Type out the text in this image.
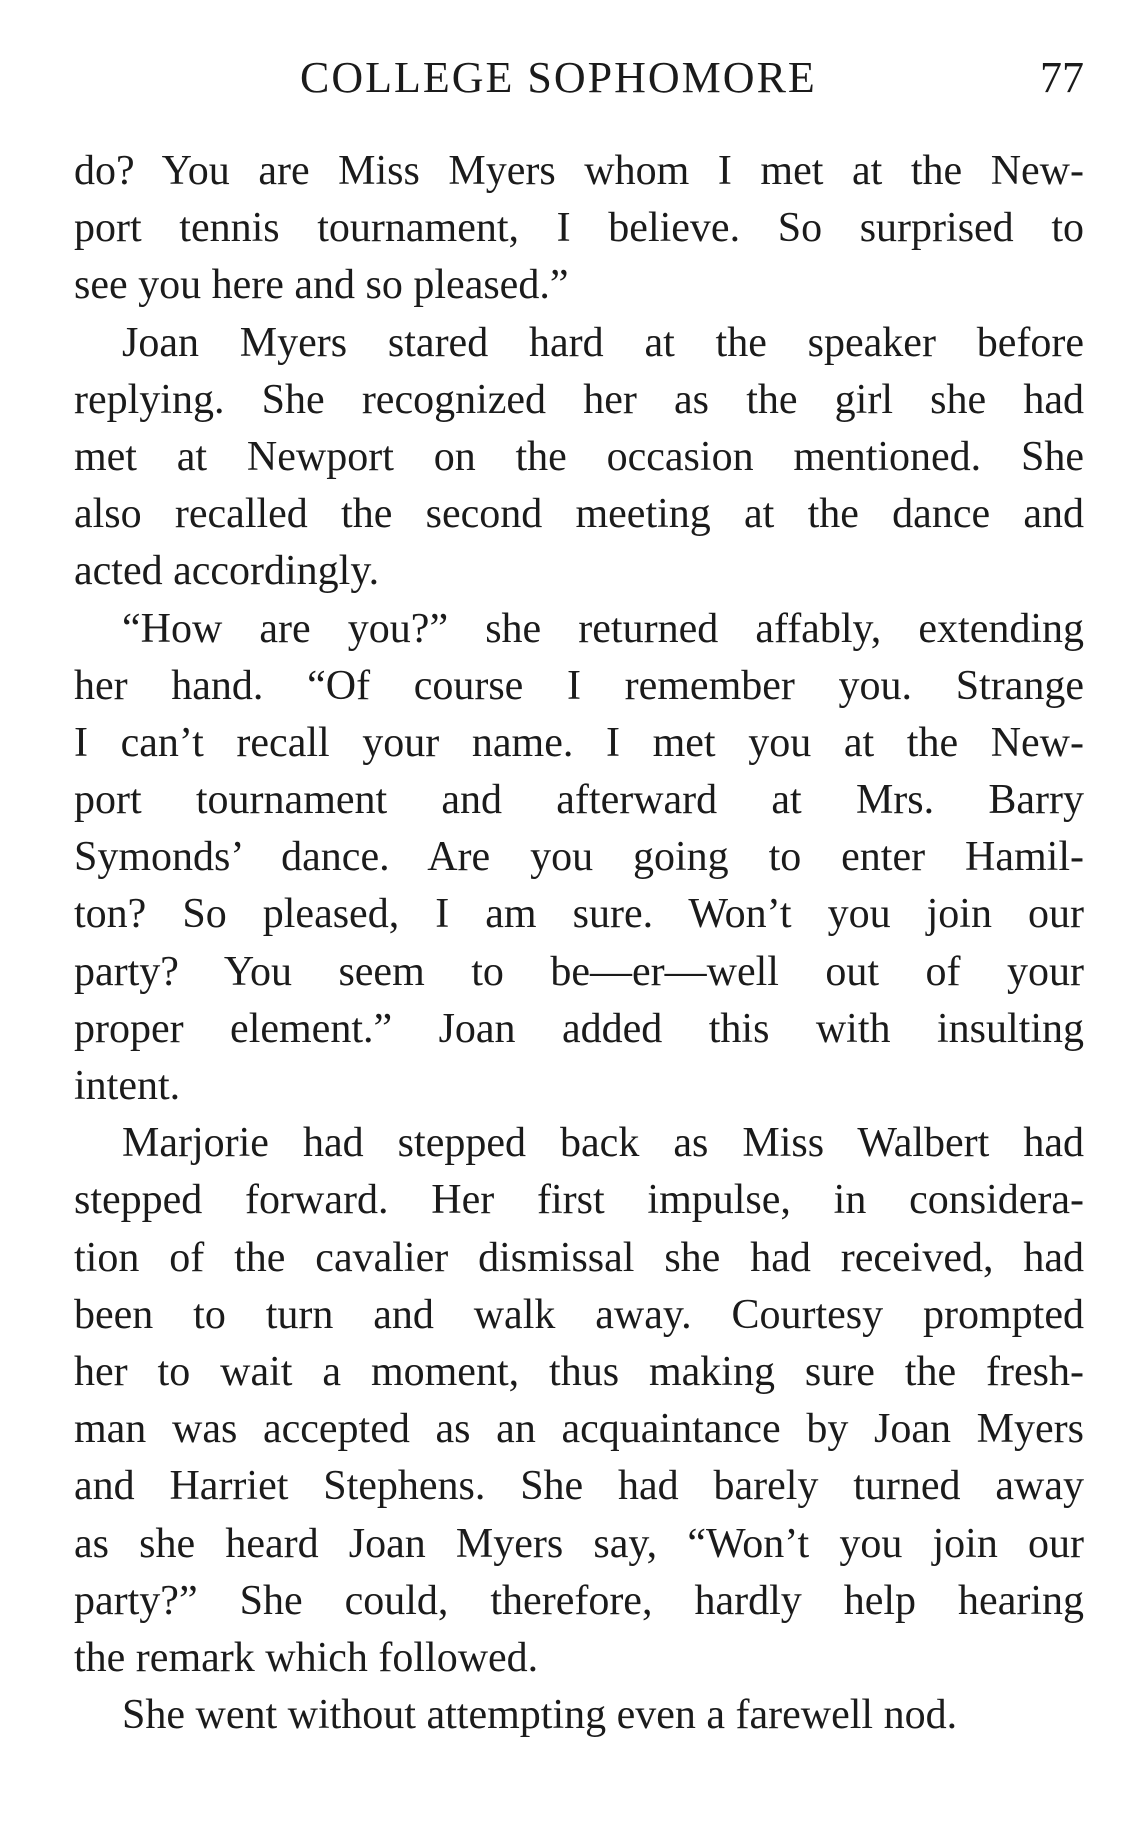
COLLEGE SOPHOMORE	77
do? You are Miss Myers whom I met at the New-
port tennis tournament, I believe. So surprised to
see you here and so pleased.”
Joan Myers stared hard at the speaker before
replying. She recognized her as the girl she had
met at Newport on the occasion mentioned. She
also recalled the second meeting at the dance and
acted accordingly.
“How are you?” she returned affably, extending
her hand. “Of course I remember you. Strange
I can’t recall your name. I met you at the New-
port tournament and afterward at Mrs. Barry
Symonds’ dance. Are you going to enter Hamil-
ton? So pleased, I am sure. Won’t you join our
party? You seem to be—er—well out of your
proper element.” Joan added this with insulting
intent.
Marjorie had stepped back as Miss Walbert had
stepped forward. Her first impulse, in considera-
tion of the cavalier dismissal she had received, had
been to turn and walk away. Courtesy prompted
her to wait a moment, thus making sure the fresh-
man was accepted as an acquaintance by Joan Myers
and Harriet Stephens. She had barely turned away
as she heard Joan Myers say, “Won’t you join our
party?” She could, therefore, hardly help hearing
the remark which followed.
She went without attempting even a farewell nod.
